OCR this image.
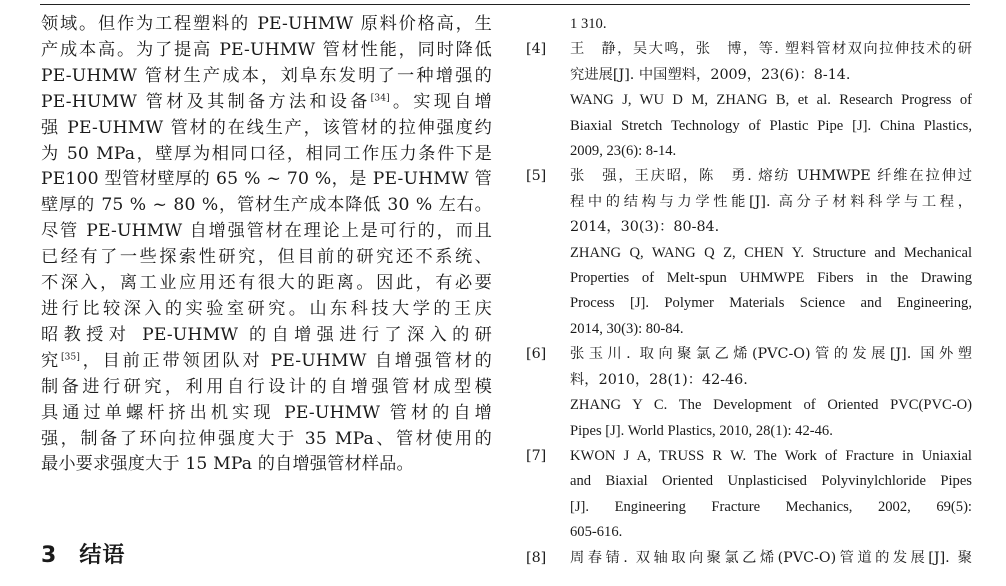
领域。但作为工程塑料的 PE-UHMW 原料价格高，生
产成本高。为了提高 PE-UHMW 管材性能，同时降低
PE-UHMW 管材生产成本，刘阜东发明了一种增强的
PE-HUMW 管材及其制备方法和设备[34]。实现自增
强 PE-UHMW 管材的在线生产，该管材的拉伸强度约
为 50 MPa，壁厚为相同口径，相同工作压力条件下是
PE100 型管材壁厚的 65 % ~ 70 %，是 PE-UHMW 管
壁厚的 75 % ~ 80 %，管材生产成本降低 30 % 左右。
尽管 PE-UHMW 自增强管材在理论上是可行的，而且
已经有了一些探索性研究，但目前的研究还不系统、
不深入，离工业应用还有很大的距离。因此，有必要
进行比较深入的实验室研究。山东科技大学的王庆
昭教授对 PE-UHMW 的自增强进行了深入的研
究[35]，目前正带领团队对 PE-UHMW 自增强管材的
制备进行研究，利用自行设计的自增强管材成型模
具通过单螺杆挤出机实现 PE-UHMW 管材的自增
强，制备了环向拉伸强度大于 35 MPa、管材使用的
最小要求强度大于 15 MPa 的自增强管材样品。

3 结语
1 310.
[4] 王　静，吴大鸣，张　博，等. 塑料管材双向拉伸技术的研
究进展[J]. 中国塑料，2009，23(6)：8-14.
WANG J, WU D M, ZHANG B, et al. Research Progress of
Biaxial Stretch Technology of Plastic Pipe [J]. China Plastics,
2009, 23(6): 8-14.
[5] 张　强，王庆昭，陈　勇. 熔纺 UHMWPE 纤维在拉伸过
程中的结构与力学性能[J]. 高分子材料科学与工程，
2014，30(3)：80-84.
ZHANG Q, WANG Q Z, CHEN Y. Structure and Mechanical
Properties of Melt-spun UHMWPE Fibers in the Drawing
Process [J]. Polymer Materials Science and Engineering,
2014, 30(3): 80-84.
[6] 张玉川. 取向聚氯乙烯(PVC-O)管的发展[J]. 国外塑
料，2010，28(1)：42-46.
ZHANG Y C. The Development of Oriented PVC(PVC-O)
Pipes [J]. World Plastics, 2010, 28(1): 42-46.
[7] KWON J A, TRUSS R W. The Work of Fracture in Uniaxial
and Biaxial Oriented Unplasticised Polyvinylchloride Pipes
[J]. Engineering Fracture Mechanics, 2002, 69(5):
605-616.
[8] 周春锖. 双轴取向聚氯乙烯(PVC-O)管道的发展[J]. 聚
